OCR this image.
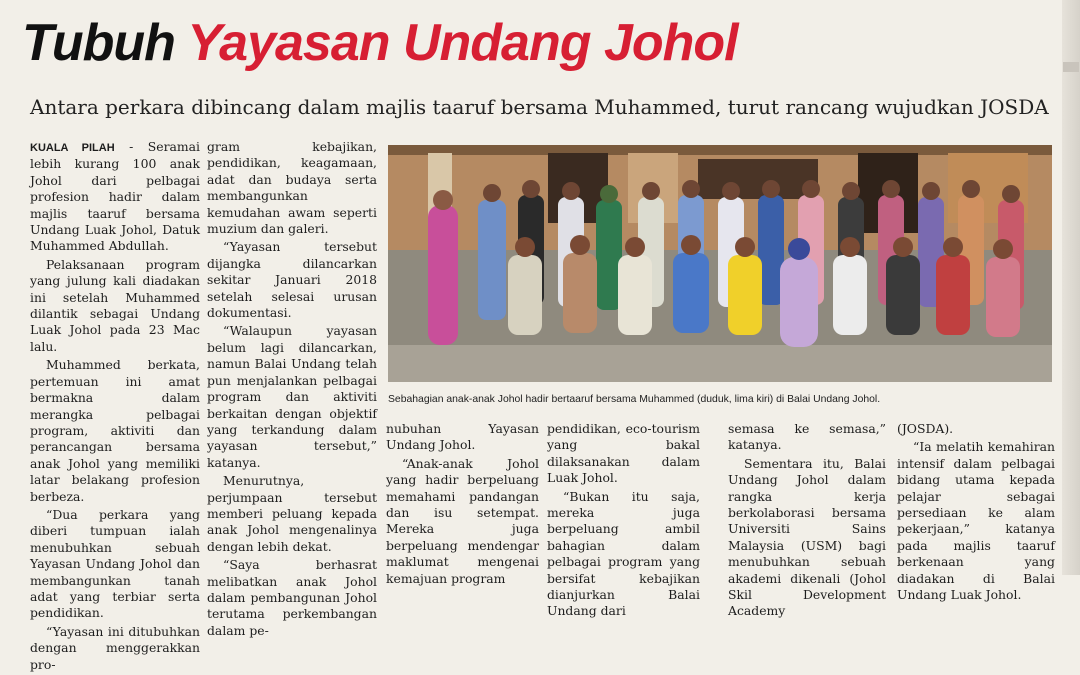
Tubuh Yayasan Undang Johol
Antara perkara dibincang dalam majlis taaruf bersama Muhammed, turut rancang wujudkan JOSDA

KUALA PILAH - Seramai lebih kurang 100 anak Johol dari pelbagai profesion hadir dalam majlis taaruf bersama Undang Luak Johol, Datuk Muhammed Abdullah.

Pelaksanaan program yang julung kali diadakan ini setelah Muhammed dilantik sebagai Undang Luak Johol pada 23 Mac lalu.

Muhammed berkata, pertemuan ini amat bermakna dalam merangka pelbagai program, aktiviti dan perancangan bersama anak Johol yang memiliki latar belakang profesion berbeza.

“Dua perkara yang diberi tumpuan ialah menubuhkan sebuah Yayasan Undang Johol dan membangunkan tanah adat yang terbiar serta pendidikan.

“Yayasan ini ditubuhkan dengan menggerakkan pro-

gram kebajikan, pendidikan, keagamaan, adat dan budaya serta membangunkan kemudahan awam seperti muzium dan galeri.

“Yayasan tersebut dijangka dilancarkan sekitar Januari 2018 setelah selesai urusan dokumentasi.

“Walaupun yayasan belum lagi dilancarkan, namun Balai Undang telah pun menjalankan pelbagai program dan aktiviti berkaitan dengan objektif yang terkandung dalam yayasan tersebut,” katanya.

Menurutnya, perjumpaan tersebut memberi peluang kepada anak Johol mengenalinya dengan lebih dekat.

“Saya berhasrat melibatkan anak Johol dalam pembangunan Johol terutama perkembangan dalam pe-

Sebahagian anak-anak Johol hadir bertaaruf bersama Muhammed (duduk, lima kiri) di Balai Undang Johol.

nubuhan Yayasan Undang Johol.

“Anak-anak Johol yang hadir berpeluang memahami pandangan dan isu setempat. Mereka juga berpeluang mendengar maklumat mengenai kemajuan program

pendidikan, eco-tourism yang bakal dilaksanakan dalam Luak Johol.

“Bukan itu saja, mereka juga berpeluang ambil bahagian dalam pelbagai program yang bersifat kebajikan dianjurkan Balai Undang dari

semasa ke semasa,” katanya.

Sementara itu, Balai Undang Johol dalam rangka kerja berkolaborasi bersama Universiti Sains Malaysia (USM) bagi menubuhkan sebuah akademi dikenali (Johol Skil Development Academy

(JOSDA).

“Ia melatih kemahiran intensif dalam pelbagai bidang utama kepada pelajar sebagai persediaan ke alam pekerjaan,” katanya pada majlis taaruf berkenaan yang diadakan di Balai Undang Luak Johol.
